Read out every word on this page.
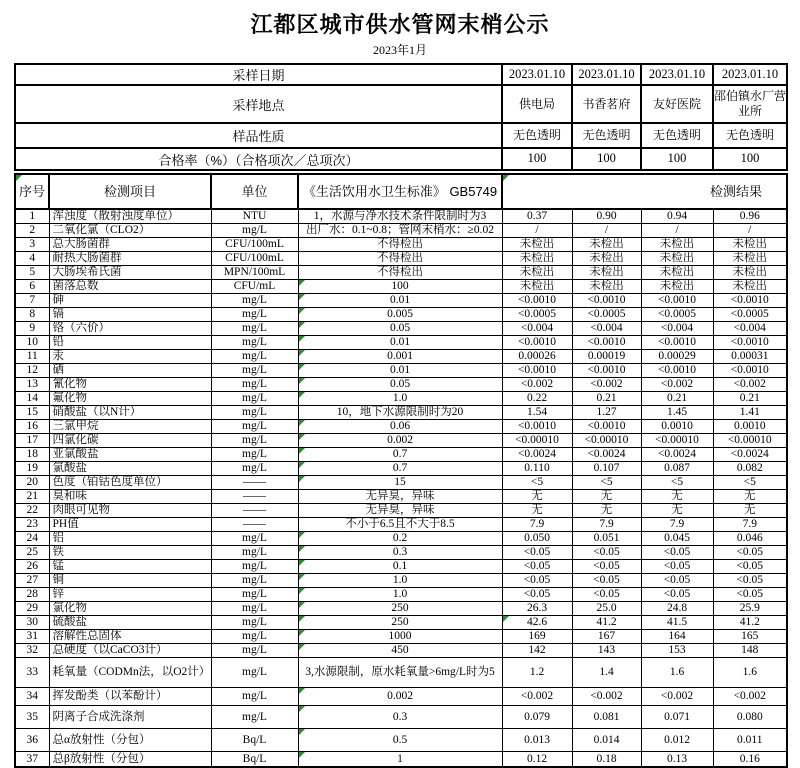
江都区城市供水管网末梢公示
2023年1月
采样日期	2023.01.10	2023.01.10	2023.01.10	2023.01.10
采样地点	供电局	书香茗府	友好医院	邵伯镇水厂营业所
样品性质	无色透明	无色透明	无色透明	无色透明
合格率（%）（合格项次／总项次）	100	100	100	100
序号	检测项目	单位	《生活饮用水卫生标准》 GB5749	检测结果			
1	浑浊度（散射浊度单位）	NTU	1，水源与净水技术条件限制时为3	0.37	0.90	0.94	0.96
2	二氧化氯（CLO2）	mg/L	出厂水：0.1~0.8；管网末梢水：≥0.02	/	/	/	/
3	总大肠菌群	CFU/100mL	不得检出	未检出	未检出	未检出	未检出
4	耐热大肠菌群	CFU/100mL	不得检出	未检出	未检出	未检出	未检出
5	大肠埃希氏菌	MPN/100mL	不得检出	未检出	未检出	未检出	未检出
6	菌落总数	CFU/mL	100	未检出	未检出	未检出	未检出
7	砷	mg/L	0.01	<0.0010	<0.0010	<0.0010	<0.0010
8	镉	mg/L	0.005	<0.0005	<0.0005	<0.0005	<0.0005
9	铬（六价）	mg/L	0.05	<0.004	<0.004	<0.004	<0.004
10	铅	mg/L	0.01	<0.0010	<0.0010	<0.0010	<0.0010
11	汞	mg/L	0.001	0.00026	0.00019	0.00029	0.00031
12	硒	mg/L	0.01	<0.0010	<0.0010	<0.0010	<0.0010
13	氰化物	mg/L	0.05	<0.002	<0.002	<0.002	<0.002
14	氟化物	mg/L	1.0	0.22	0.21	0.21	0.21
15	硝酸盐（以N计）	mg/L	10，地下水源限制时为20	1.54	1.27	1.45	1.41
16	三氯甲烷	mg/L	0.06	<0.0010	<0.0010	0.0010	0.0010
17	四氯化碳	mg/L	0.002	<0.00010	<0.00010	<0.00010	<0.00010
18	亚氯酸盐	mg/L	0.7	<0.0024	<0.0024	<0.0024	<0.0024
19	氯酸盐	mg/L	0.7	0.110	0.107	0.087	0.082
20	色度（铂钴色度单位）	——	15	<5	<5	<5	<5
21	臭和味	——	无异臭，异味	无	无	无	无
22	肉眼可见物	——	无异臭，异味	无	无	无	无
23	PH值	——	不小于6.5且不大于8.5	7.9	7.9	7.9	7.9
24	铝	mg/L	0.2	0.050	0.051	0.045	0.046
25	铁	mg/L	0.3	<0.05	<0.05	<0.05	<0.05
26	锰	mg/L	0.1	<0.05	<0.05	<0.05	<0.05
27	铜	mg/L	1.0	<0.05	<0.05	<0.05	<0.05
28	锌	mg/L	1.0	<0.05	<0.05	<0.05	<0.05
29	氯化物	mg/L	250	26.3	25.0	24.8	25.9
30	硫酸盐	mg/L	250	42.6	41.2	41.5	41.2
31	溶解性总固体	mg/L	1000	169	167	164	165
32	总硬度（以CaCO3计）	mg/L	450	142	143	153	148
33	耗氧量（CODMn法，以O2计）	mg/L	3,水源限制，原水耗氧量>6mg/L时为5	1.2	1.4	1.6	1.6
34	挥发酚类（以苯酚计）	mg/L	0.002	<0.002	<0.002	<0.002	<0.002
35	阴离子合成洗涤剂	mg/L	0.3	0.079	0.081	0.071	0.080
36	总α放射性（分包）	Bq/L	0.5	0.013	0.014	0.012	0.011
37	总β放射性（分包）	Bq/L	1	0.12	0.18	0.13	0.16
